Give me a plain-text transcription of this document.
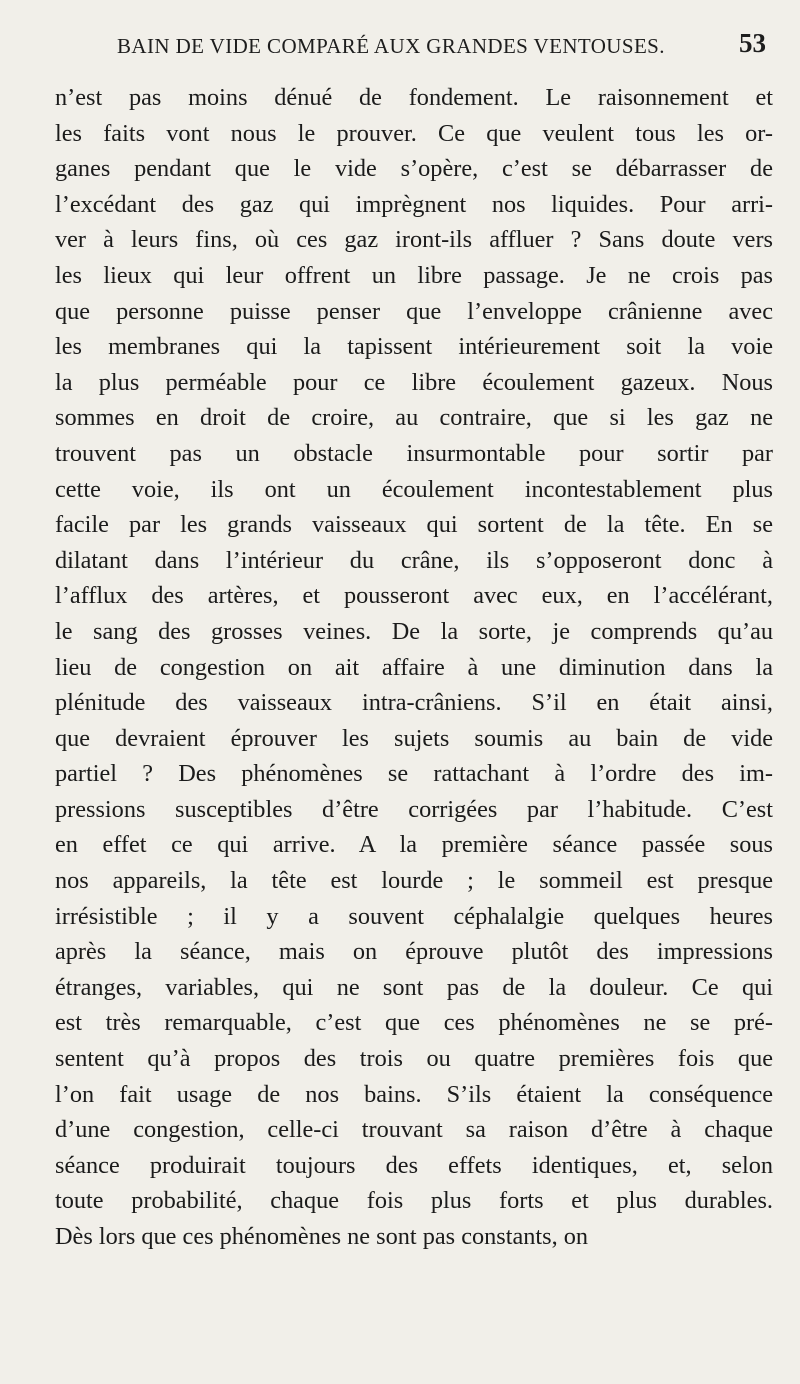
BAIN DE VIDE COMPARÉ AUX GRANDES VENTOUSES.	53
n’est pas moins dénué de fondement. Le raisonnement et
les faits vont nous le prouver. Ce que veulent tous les or-
ganes pendant que le vide s’opère, c’est se débarrasser de
l’excédant des gaz qui imprègnent nos liquides. Pour arri-
ver à leurs fins, où ces gaz iront-ils affluer ? Sans doute vers
les lieux qui leur offrent un libre passage. Je ne crois pas
que personne puisse penser que l’enveloppe crânienne avec
les membranes qui la tapissent intérieurement soit la voie
la plus perméable pour ce libre écoulement gazeux. Nous
sommes en droit de croire, au contraire, que si les gaz ne
trouvent pas un obstacle insurmontable pour sortir par
cette voie, ils ont un écoulement incontestablement plus
facile par les grands vaisseaux qui sortent de la tête. En se
dilatant dans l’intérieur du crâne, ils s’opposeront donc à
l’afflux des artères, et pousseront avec eux, en l’accélérant,
le sang des grosses veines. De la sorte, je comprends qu’au
lieu de congestion on ait affaire à une diminution dans la
plénitude des vaisseaux intra-crâniens. S’il en était ainsi,
que devraient éprouver les sujets soumis au bain de vide
partiel ? Des phénomènes se rattachant à l’ordre des im-
pressions susceptibles d’être corrigées par l’habitude. C’est
en effet ce qui arrive. A la première séance passée sous
nos appareils, la tête est lourde ; le sommeil est presque
irrésistible ; il y a souvent céphalalgie quelques heures
après la séance, mais on éprouve plutôt des impressions
étranges, variables, qui ne sont pas de la douleur. Ce qui
est très remarquable, c’est que ces phénomènes ne se pré-
sentent qu’à propos des trois ou quatre premières fois que
l’on fait usage de nos bains. S’ils étaient la conséquence
d’une congestion, celle-ci trouvant sa raison d’être à chaque
séance produirait toujours des effets identiques, et, selon
toute probabilité, chaque fois plus forts et plus durables.
Dès lors que ces phénomènes ne sont pas constants, on
